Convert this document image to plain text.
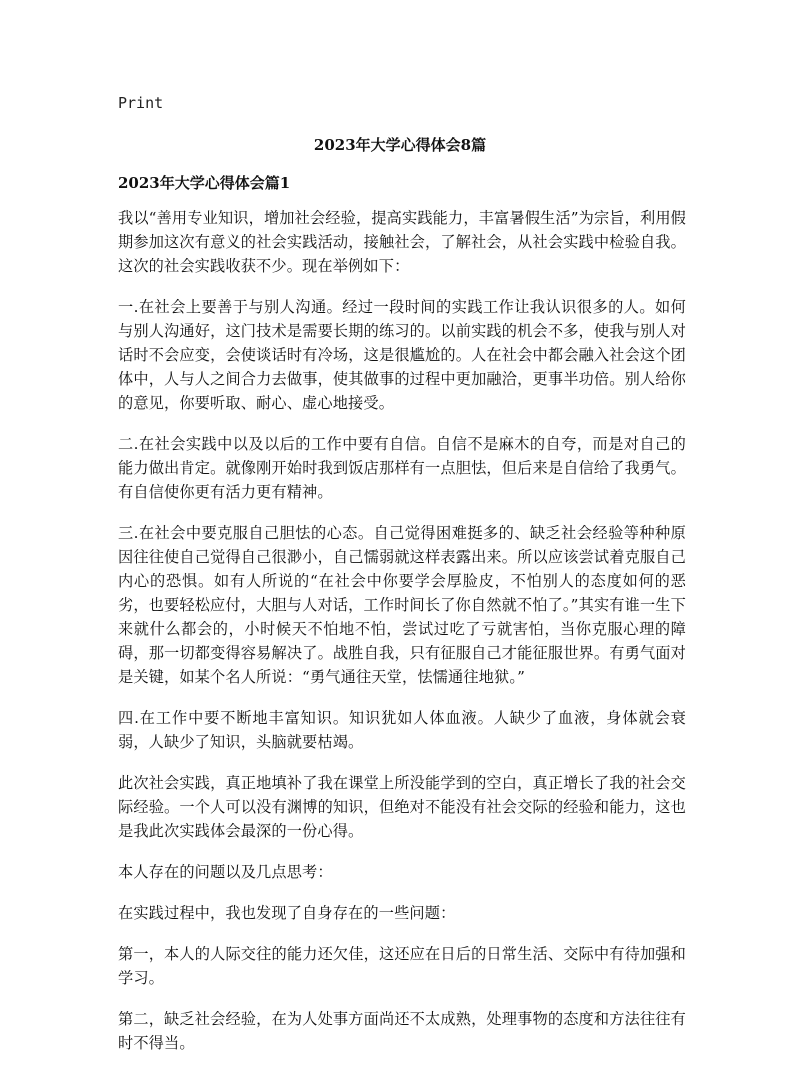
Print
2023年大学心得体会8篇
2023年大学心得体会篇1

我以“善用专业知识，增加社会经验，提高实践能力，丰富暑假生活”为宗旨，利用假期参加这次有意义的社会实践活动，接触社会，了解社会，从社会实践中检验自我。这次的社会实践收获不少。现在举例如下：

一.在社会上要善于与别人沟通。经过一段时间的实践工作让我认识很多的人。如何与别人沟通好，这门技术是需要长期的练习的。以前实践的机会不多，使我与别人对话时不会应变，会使谈话时有冷场，这是很尴尬的。人在社会中都会融入社会这个团体中，人与人之间合力去做事，使其做事的过程中更加融洽，更事半功倍。别人给你的意见，你要听取、耐心、虚心地接受。

二.在社会实践中以及以后的工作中要有自信。自信不是麻木的自夸，而是对自己的能力做出肯定。就像刚开始时我到饭店那样有一点胆怯，但后来是自信给了我勇气。有自信使你更有活力更有精神。

三.在社会中要克服自己胆怯的心态。自己觉得困难挺多的、缺乏社会经验等种种原因往往使自己觉得自己很渺小，自己懦弱就这样表露出来。所以应该尝试着克服自己内心的恐惧。如有人所说的“在社会中你要学会厚脸皮，不怕别人的态度如何的恶劣，也要轻松应付，大胆与人对话，工作时间长了你自然就不怕了。”其实有谁一生下来就什么都会的，小时候天不怕地不怕，尝试过吃了亏就害怕，当你克服心理的障碍，那一切都变得容易解决了。战胜自我，只有征服自己才能征服世界。有勇气面对是关键，如某个名人所说：“勇气通往天堂，怯懦通往地狱。”

四.在工作中要不断地丰富知识。知识犹如人体血液。人缺少了血液，身体就会衰弱，人缺少了知识，头脑就要枯竭。

此次社会实践，真正地填补了我在课堂上所没能学到的空白，真正增长了我的社会交际经验。一个人可以没有渊博的知识，但绝对不能没有社会交际的经验和能力，这也是我此次实践体会最深的一份心得。

本人存在的问题以及几点思考：

在实践过程中，我也发现了自身存在的一些问题：

第一，本人的人际交往的能力还欠佳，这还应在日后的日常生活、交际中有待加强和学习。

第二，缺乏社会经验，在为人处事方面尚还不太成熟，处理事物的态度和方法往往有时不得当。
